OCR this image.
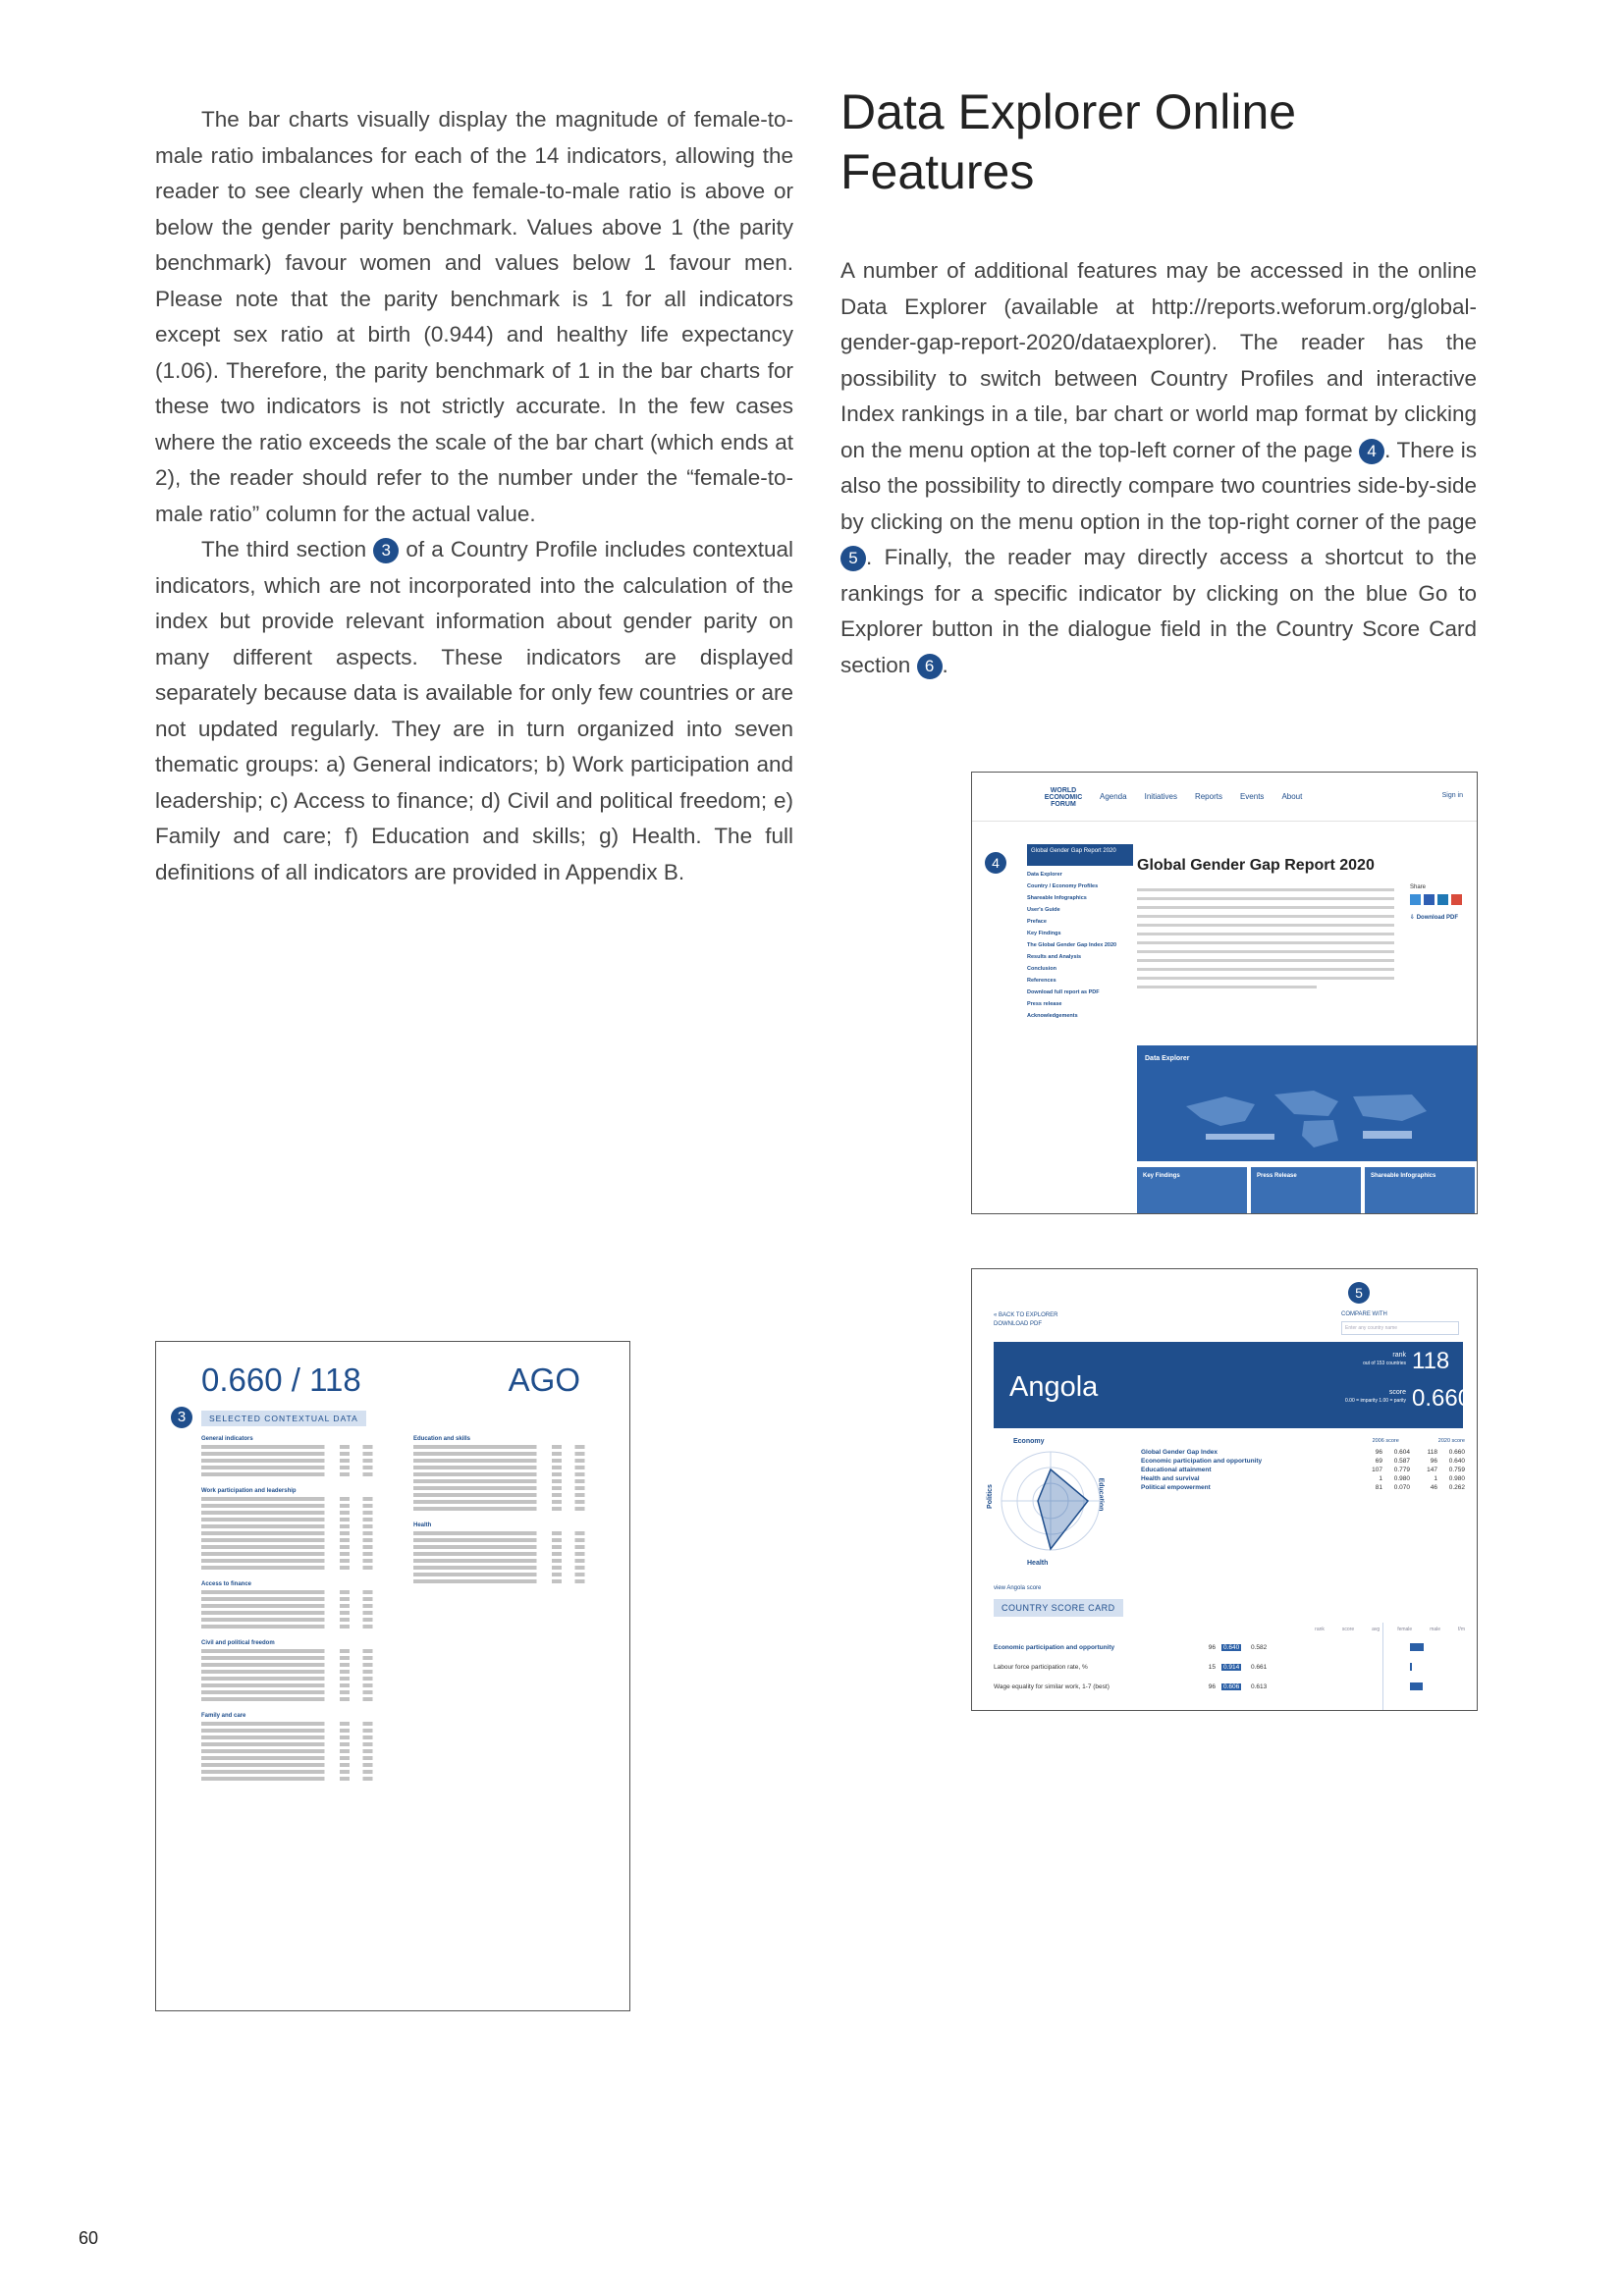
The bar charts visually display the magnitude of female-to-male ratio imbalances for each of the 14 indicators, allowing the reader to see clearly when the female-to-male ratio is above or below the gender parity benchmark. Values above 1 (the parity benchmark) favour women and values below 1 favour men. Please note that the parity benchmark is 1 for all indicators except sex ratio at birth (0.944) and healthy life expectancy (1.06). Therefore, the parity benchmark of 1 in the bar charts for these two indicators is not strictly accurate. In the few cases where the ratio exceeds the scale of the bar chart (which ends at 2), the reader should refer to the number under the “female-to-male ratio” column for the actual value.

The third section 3 of a Country Profile includes contextual indicators, which are not incorporated into the calculation of the index but provide relevant information about gender parity on many different aspects. These indicators are displayed separately because data is available for only few countries or are not updated regularly. They are in turn organized into seven thematic groups: a) General indicators; b) Work participation and leadership; c) Access to finance; d) Civil and political freedom; e) Family and care; f) Education and skills; g) Health. The full definitions of all indicators are provided in Appendix B.

Data Explorer Online Features

A number of additional features may be accessed in the online Data Explorer (available at http://reports.weforum.org/global-gender-gap-report-2020/dataexplorer). The reader has the possibility to switch between Country Profiles and interactive Index rankings in a tile, bar chart or world map format by clicking on the menu option at the top-left corner of the page 4 . There is also the possibility to directly compare two countries side-by-side by clicking on the menu option in the top-right corner of the page 5 . Finally, the reader may directly access a shortcut to the rankings for a specific indicator by clicking on the blue Go to Explorer button in the dialogue field in the Country Score Card section 6 .

WORLD ECONOMIC FORUM
Agenda Initiatives Reports Events About	Sign in
4
Global Gender Gap Report 2020
Data Explorer
Country / Economy Profiles
Shareable Infographics
User's Guide
Preface
Key Findings
The Global Gender Gap Index 2020
Results and Analysis
Conclusion
References
Download full report as PDF
Press release
Acknowledgements
Global Gender Gap Report 2020
Share
⇩ Download PDF
Data Explorer
Key Findings	Press Release	Shareable Infographics
5
« BACK TO EXPLORER
DOWNLOAD PDF
COMPARE WITH
Enter any country name
Angola
rank
out of 153 countries 118
score
0.00 = imparity 1.00 = parity 0.660
Economy
Politics	Education
Health
2006 score	2020 score
Global Gender Gap Index	96	0.604	118	0.660
Economic participation and opportunity	69	0.587	96	0.640
Educational attainment	107	0.779	147	0.759
Health and survival	1	0.980	1	0.980
Political empowerment	81	0.070	46	0.262
view Angola score
COUNTRY SCORE CARD
rank	score	avg	female	male	f/m
Economic participation and opportunity	96	0.640	0.582
Labour force participation rate, %	15	0.914	0.661
Wage equality for similar work, 1-7 (best)	96	0.606	0.613
0.660 / 118	AGO
3	SELECTED CONTEXTUAL DATA
General indicators
Work participation and leadership
Access to finance
Civil and political freedom
Family and care
Education and skills
Health
60
